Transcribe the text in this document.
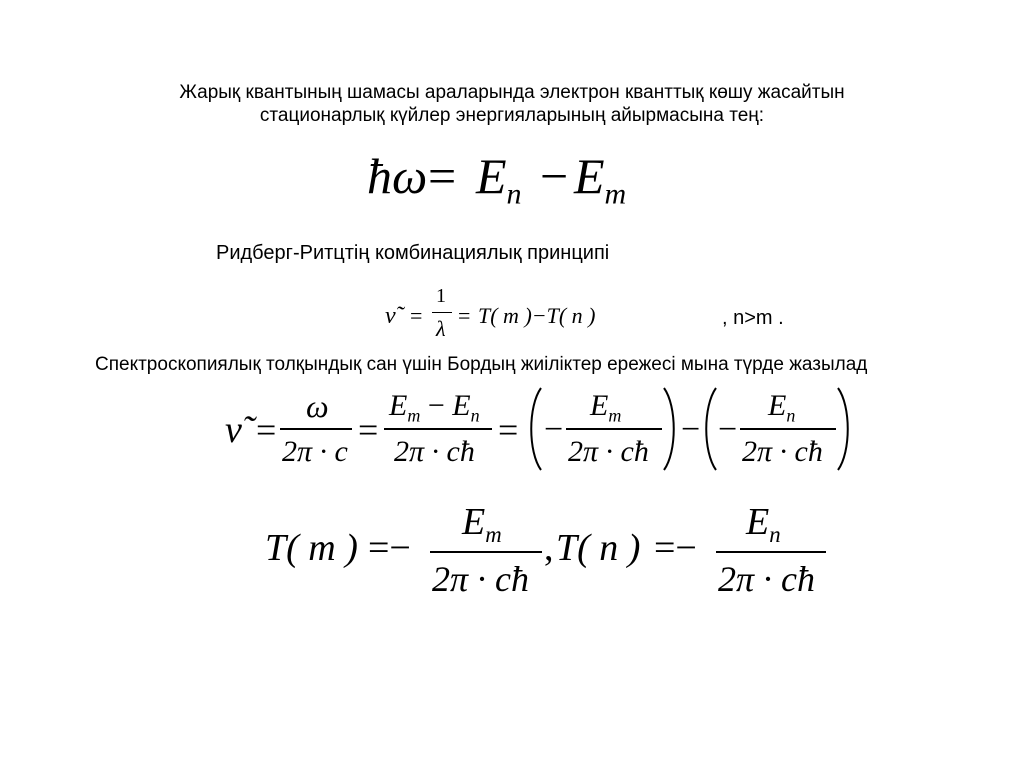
Жарық квантының шамасы араларында электрон кванттық көшу жасайтын
стационарлық күйлер энергияларының айырмасына тең:
ħω = $E_n - E_m$
Ридберг-Ритцтің комбинациялық принципі
ν̃ =
1
λ
= T( m )−T( n )	, n>m .
Спектроскопиялық толқындық сан үшін Бордың жиіліктер ережесі мына түрде жазылад
ν̃ =
ω
2π · c
=
$E_m - E_n$
2π · cħ
= −
$E_m$
2π · cħ
− −
$E_n$
2π · cħ
T( m ) =−
$E_m$
2π · cħ
, T( n ) =−
$E_n$
2π · cħ
